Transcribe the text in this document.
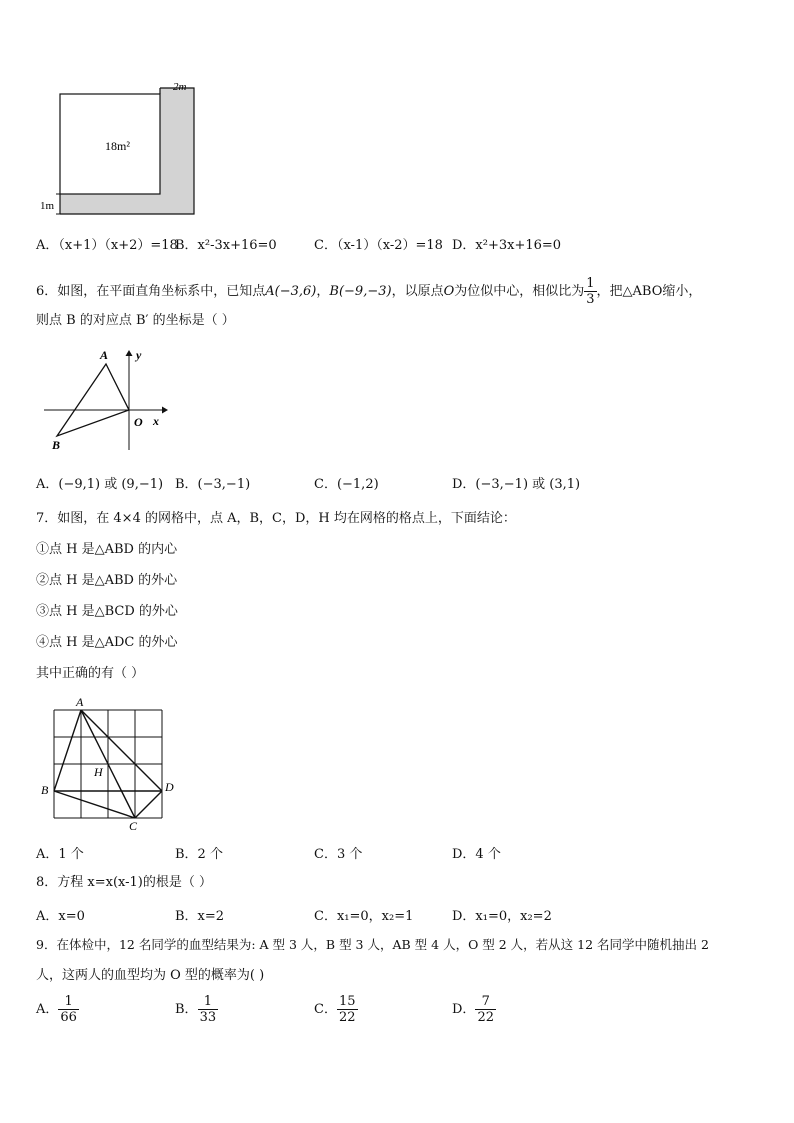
18m²
2m
1m
A．（x+1）（x+2）=18
B．x²-3x+16=0	C．（x-1）（x-2）=18 D．x²+3x+16=0
6．如图，在平面直角坐标系中，已知点A(−3,6)，B(−9,−3)，以原点O为位似中心，相似比为 $\frac{1}{3}$ ，把△ABO缩小，
则点 B 的对应点 B′ 的坐标是（ ）
A
B
O x
y
A．(−9,1) 或 (9,−1) B．(−3,−1)	C．(−1,2)	D．(−3,−1) 或 (3,1)
7．如图，在 4×4 的网格中，点 A，B，C，D，H 均在网格的格点上，下面结论：
①点 H 是△ABD 的内心
②点 H 是△ABD 的外心
③点 H 是△BCD 的外心
④点 H 是△ADC 的外心
其中正确的有（ ）
A
B
C
D
H
A．1 个	B．2 个	C．3 个	D．4 个
8．方程 x=x(x-1)的根是（ ）
A．x=0	B．x=2	C．x₁=0，x₂=1	D．x₁=0，x₂=2
9．在体检中，12 名同学的血型结果为: A 型 3 人，B 型 3 人，AB 型 4 人，O 型 2 人，若从这 12 名同学中随机抽出 2
人，这两人的血型均为 O 型的概率为( )
A． $\frac{1}{66}$	B． $\frac{1}{33}$	C． $\frac{15}{22}$	D． $\frac{7}{22}$
